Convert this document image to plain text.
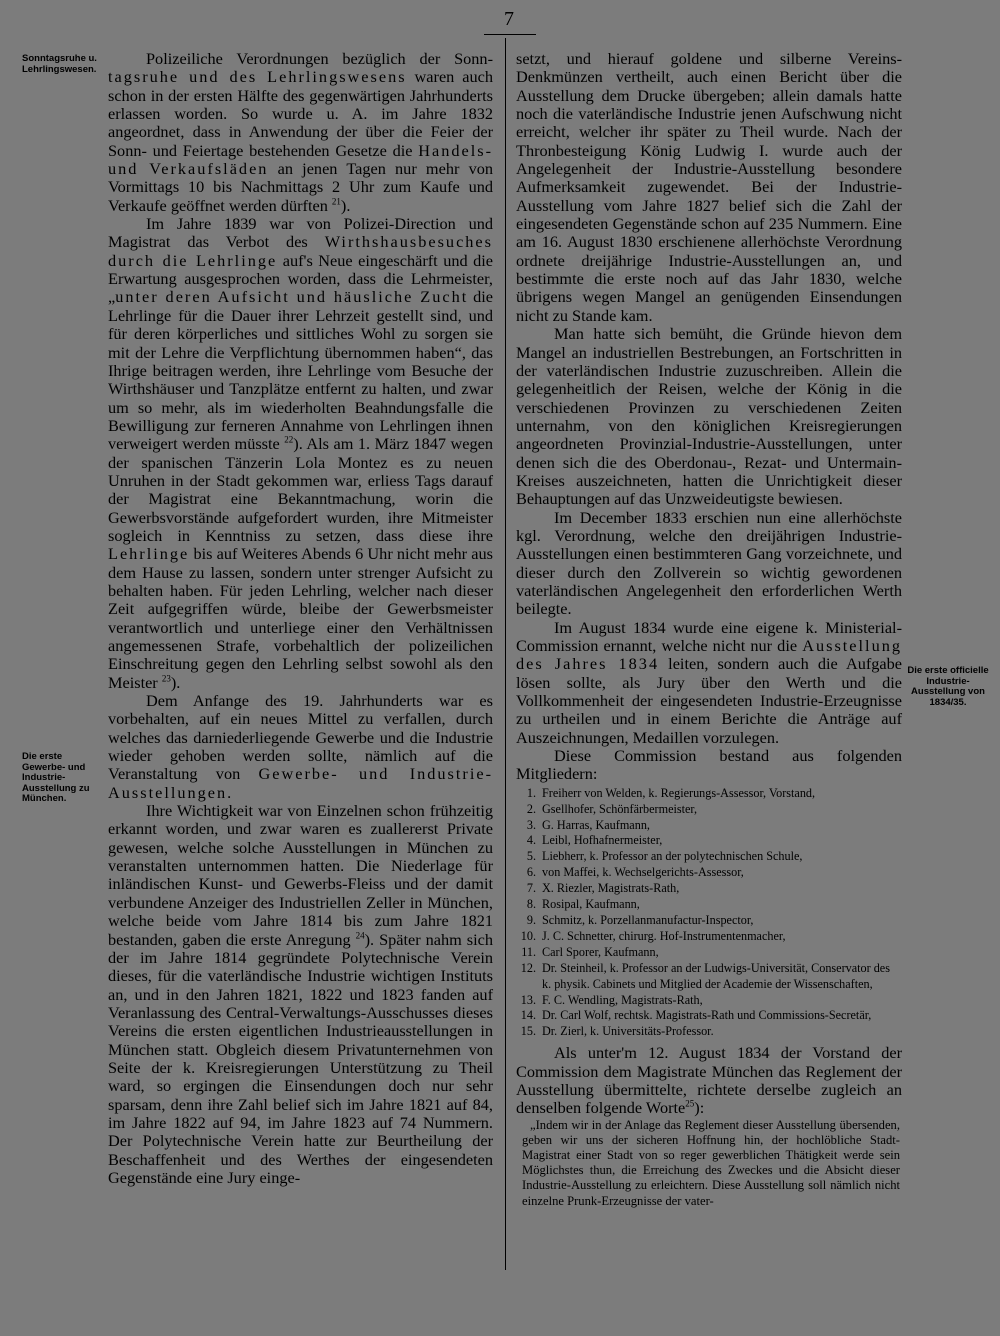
7
Sonntagsruhe u. Lehrlingswesen.
Die erste Gewerbe- und Industrie-Ausstellung zu München.
Die erste officielle Industrie-Ausstellung von 1834/35.

Polizeiliche Verordnungen bezüglich der Sonn- tagsruhe und des Lehrlingswesens waren auch schon in der ersten Hälfte des gegenwärtigen Jahrhunderts erlassen worden. So wurde u. A. im Jahre 1832 angeordnet, dass in Anwendung der über die Feier der Sonn- und Feiertage bestehenden Gesetze die Handels- und Verkaufsläden an jenen Tagen nur mehr von Vormittags 10 bis Nachmittags 2 Uhr zum Kaufe und Verkaufe geöffnet werden dürften $^{21}$).

Im Jahre 1839 war von Polizei-Direction und Magistrat das Verbot des Wirthshausbesuches durch die Lehrlinge auf's Neue eingeschärft und die Erwartung ausgesprochen worden, dass die Lehrmeister, „unter deren Aufsicht und häusliche Zucht die Lehrlinge für die Dauer ihrer Lehrzeit gestellt sind, und für deren körperliches und sittliches Wohl zu sorgen sie mit der Lehre die Verpflichtung übernommen haben“, das Ihrige beitragen werden, ihre Lehrlinge vom Besuche der Wirthshäuser und Tanzplätze entfernt zu halten, und zwar um so mehr, als im wiederholten Beahndungsfalle die Bewilligung zur ferneren Annahme von Lehrlingen ihnen verweigert werden müsste $^{22}$). Als am 1. März 1847 wegen der spanischen Tänzerin Lola Montez es zu neuen Unruhen in der Stadt gekommen war, erliess Tags darauf der Magistrat eine Bekanntmachung, worin die Gewerbsvorstände aufgefordert wurden, ihre Mitmeister sogleich in Kenntniss zu setzen, dass diese ihre Lehrlinge bis auf Weiteres Abends 6 Uhr nicht mehr aus dem Hause zu lassen, sondern unter strenger Aufsicht zu behalten haben. Für jeden Lehrling, welcher nach dieser Zeit aufgegriffen würde, bleibe der Gewerbsmeister verantwortlich und unterliege einer den Verhältnissen angemessenen Strafe, vorbehaltlich der polizeilichen Einschreitung gegen den Lehrling selbst sowohl als den Meister $^{23}$).

Dem Anfange des 19. Jahrhunderts war es vorbehalten, auf ein neues Mittel zu verfallen, durch welches das darniederliegende Gewerbe und die Industrie wieder gehoben werden sollte, nämlich auf die Veranstaltung von Gewerbe- und Industrie-Ausstellungen.

Ihre Wichtigkeit war von Einzelnen schon frühzeitig erkannt worden, und zwar waren es zuallererst Private gewesen, welche solche Ausstellungen in München zu veranstalten unternommen hatten. Die Niederlage für inländischen Kunst- und Gewerbs-Fleiss und der damit verbundene Anzeiger des Industriellen Zeller in München, welche beide vom Jahre 1814 bis zum Jahre 1821 bestanden, gaben die erste Anregung $^{24}$). Später nahm sich der im Jahre 1814 gegründete Polytechnische Verein dieses, für die vaterländische Industrie wichtigen Instituts an, und in den Jahren 1821, 1822 und 1823 fanden auf Veranlassung des Central-Verwaltungs-Ausschusses dieses Vereins die ersten eigentlichen Industrieausstellungen in München statt. Obgleich diesem Privatunternehmen von Seite der k. Kreisregierungen Unterstützung zu Theil ward, so ergingen die Einsendungen doch nur sehr sparsam, denn ihre Zahl belief sich im Jahre 1821 auf 84, im Jahre 1822 auf 94, im Jahre 1823 auf 74 Nummern. Der Polytechnische Verein hatte zur Beurtheilung der Beschaffenheit und des Werthes der eingesendeten Gegenstände eine Jury einge-

setzt, und hierauf goldene und silberne Vereins-Denkmünzen vertheilt, auch einen Bericht über die Ausstellung dem Drucke übergeben; allein damals hatte noch die vaterländische Industrie jenen Aufschwung nicht erreicht, welcher ihr später zu Theil wurde. Nach der Thronbesteigung König Ludwig I. wurde auch der Angelegenheit der Industrie-Ausstellung besondere Aufmerksamkeit zugewendet. Bei der Industrie-Ausstellung vom Jahre 1827 belief sich die Zahl der eingesendeten Gegenstände schon auf 235 Nummern. Eine am 16. August 1830 erschienene allerhöchste Verordnung ordnete dreijährige Industrie-Ausstellungen an, und bestimmte die erste noch auf das Jahr 1830, welche übrigens wegen Mangel an genügenden Einsendungen nicht zu Stande kam.

Man hatte sich bemüht, die Gründe hievon dem Mangel an industriellen Bestrebungen, an Fortschritten in der vaterländischen Industrie zuzuschreiben. Allein die gelegenheitlich der Reisen, welche der König in die verschiedenen Provinzen zu verschiedenen Zeiten unternahm, von den königlichen Kreisregierungen angeordneten Provinzial-Industrie-Ausstellungen, unter denen sich die des Oberdonau-, Rezat- und Untermain-Kreises auszeichneten, hatten die Unrichtigkeit dieser Behauptungen auf das Unzweideutigste bewiesen.

Im December 1833 erschien nun eine allerhöchste kgl. Verordnung, welche den dreijährigen Industrie-Ausstellungen einen bestimmteren Gang vorzeichnete, und dieser durch den Zollverein so wichtig gewordenen vaterländischen Angelegenheit den erforderlichen Werth beilegte.

Im August 1834 wurde eine eigene k. Ministerial-Commission ernannt, welche nicht nur die Ausstellung des Jahres 1834 leiten, sondern auch die Aufgabe lösen sollte, als Jury über den Werth und die Vollkommenheit der eingesendeten Industrie-Erzeugnisse zu urtheilen und in einem Berichte die Anträge auf Auszeichnungen, Medaillen vorzulegen.

Diese Commission bestand aus folgenden Mitgliedern:

1. Freiherr von Welden, k. Regierungs-Assessor, Vorstand,
2. Gsellhofer, Schönfärbermeister,
3. G. Harras, Kaufmann,
4. Leibl, Hofhafnermeister,
5. Liebherr, k. Professor an der polytechnischen Schule,
6. von Maffei, k. Wechselgerichts-Assessor,
7. X. Riezler, Magistrats-Rath,
8. Rosipal, Kaufmann,
9. Schmitz, k. Porzellanmanufactur-Inspector,
10. J. C. Schnetter, chirurg. Hof-Instrumentenmacher,
11. Carl Sporer, Kaufmann,
12. Dr. Steinheil, k. Professor an der Ludwigs-Universität, Conservator des k. physik. Cabinets und Mitglied der Academie der Wissenschaften,
13. F. C. Wendling, Magistrats-Rath,
14. Dr. Carl Wolf, rechtsk. Magistrats-Rath und Commissions-Secretär,
15. Dr. Zierl, k. Universitäts-Professor.

Als unter'm 12. August 1834 der Vorstand der Commission dem Magistrate München das Reglement der Ausstellung übermittelte, richtete derselbe zugleich an denselben folgende Worte$^{25}$):

„Indem wir in der Anlage das Reglement dieser Ausstellung übersenden, geben wir uns der sicheren Hoffnung hin, der hochlöbliche Stadt-Magistrat einer Stadt von so reger gewerblichen Thätigkeit werde sein Möglichstes thun, die Erreichung des Zweckes und die Absicht dieser Industrie-Ausstellung zu erleichtern. Diese Ausstellung soll nämlich nicht einzelne Prunk-Erzeugnisse der vater-
